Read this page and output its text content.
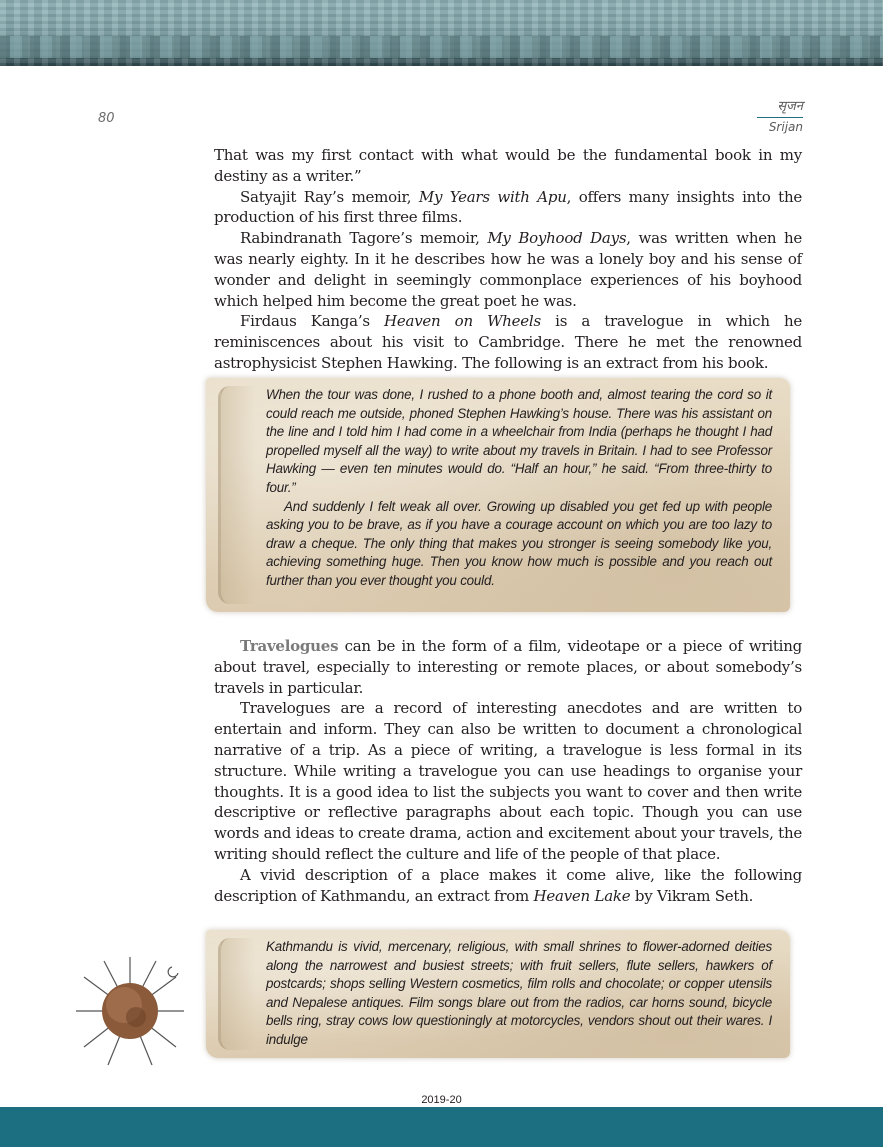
80
सृजन
Srijan

That was my first contact with what would be the fundamental book in my destiny as a writer.”

Satyajit Ray’s memoir, My Years with Apu, offers many insights into the production of his first three films.

Rabindranath Tagore’s memoir, My Boyhood Days, was written when he was nearly eighty. In it he describes how he was a lonely boy and his sense of wonder and delight in seemingly commonplace experiences of his boyhood which helped him become the great poet he was.

Firdaus Kanga’s Heaven on Wheels is a travelogue in which he reminiscences about his visit to Cambridge. There he met the renowned astrophysicist Stephen Hawking. The following is an extract from his book.

When the tour was done, I rushed to a phone booth and, almost tearing the cord so it could reach me outside, phoned Stephen Hawking’s house. There was his assistant on the line and I told him I had come in a wheelchair from India (perhaps he thought I had propelled myself all the way) to write about my travels in Britain. I had to see Professor Hawking — even ten minutes would do. “Half an hour,” he said. “From three-thirty to four.”

And suddenly I felt weak all over. Growing up disabled you get fed up with people asking you to be brave, as if you have a courage account on which you are too lazy to draw a cheque. The only thing that makes you stronger is seeing somebody like you, achieving something huge. Then you know how much is possible and you reach out further than you ever thought you could.

Travelogues can be in the form of a film, videotape or a piece of writing about travel, especially to interesting or remote places, or about somebody’s travels in particular.

Travelogues are a record of interesting anecdotes and are written to entertain and inform. They can also be written to document a chronological narrative of a trip. As a piece of writing, a travelogue is less formal in its structure. While writing a travelogue you can use headings to organise your thoughts. It is a good idea to list the subjects you want to cover and then write descriptive or reflective paragraphs about each topic. Though you can use words and ideas to create drama, action and excitement about your travels, the writing should reflect the culture and life of the people of that place.

A vivid description of a place makes it come alive, like the following description of Kathmandu, an extract from Heaven Lake by Vikram Seth.

Kathmandu is vivid, mercenary, religious, with small shrines to flower-adorned deities along the narrowest and busiest streets; with fruit sellers, flute sellers, hawkers of postcards; shops selling Western cosmetics, film rolls and chocolate; or copper utensils and Nepalese antiques. Film songs blare out from the radios, car horns sound, bicycle bells ring, stray cows low questioningly at motorcycles, vendors shout out their wares. I indulge

2019-20
